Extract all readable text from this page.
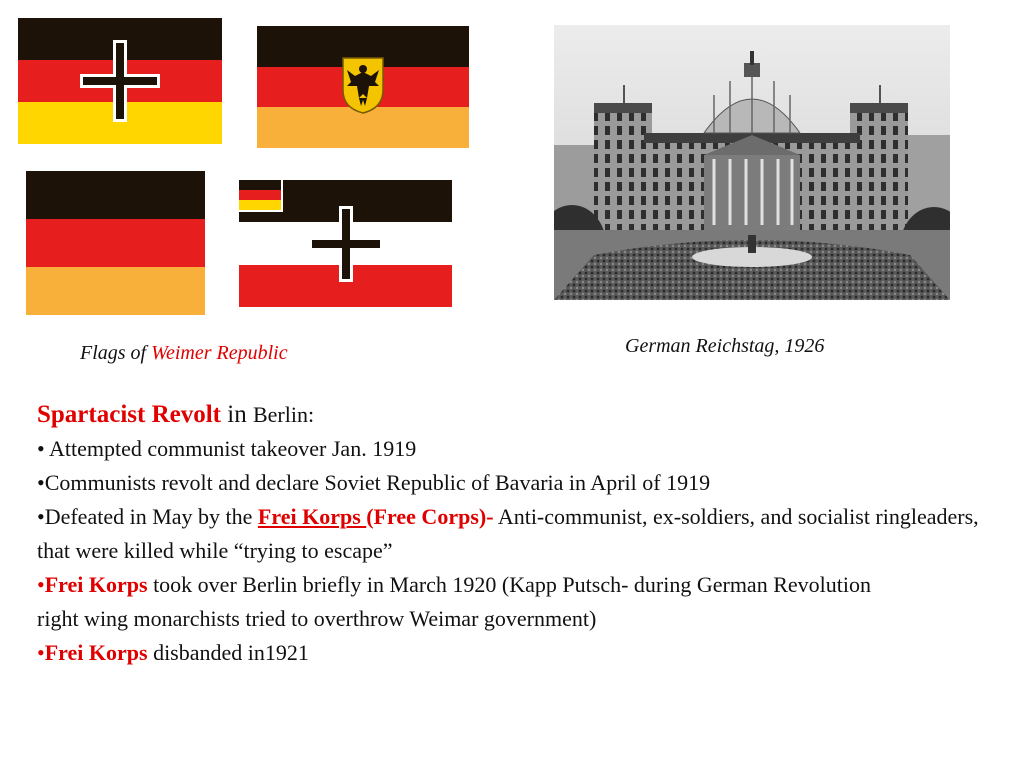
Flags of Weimer Republic	German Reichstag, 1926

Spartacist Revolt in Berlin:

• Attempted communist takeover Jan. 1919

•Communists revolt and declare Soviet Republic of Bavaria in April of 1919

•Defeated in May by the Frei Korps (Free Corps)- Anti-communist, ex-soldiers, and socialist ringleaders, that were killed while “trying to escape”

•Frei Korps took over Berlin briefly in March 1920 (Kapp Putsch- during German Revolution right wing monarchists tried to overthrow Weimar government)

•Frei Korps disbanded in1921
